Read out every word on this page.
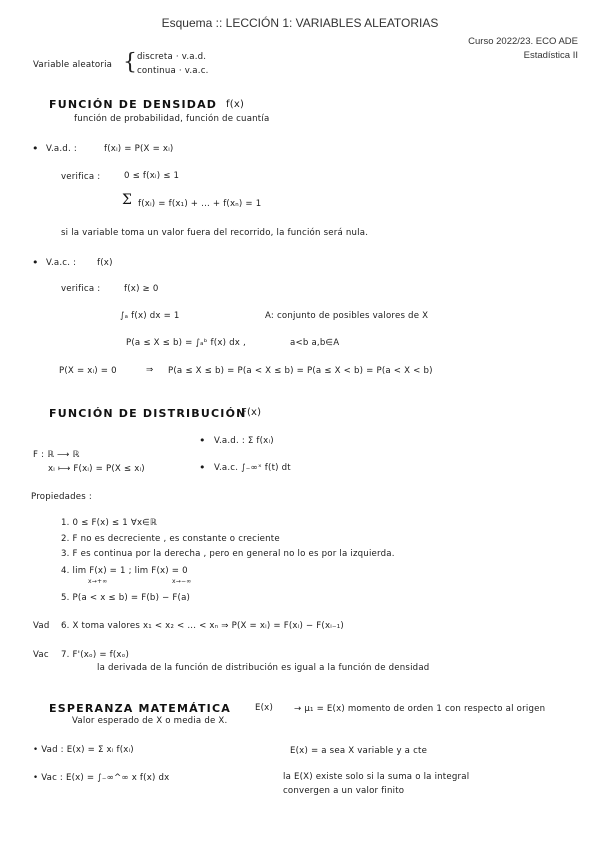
Esquema :: LECCIÓN 1: VARIABLES ALEATORIAS
Curso 2022/23. ECO ADE
Estadística II
Variable aleatoria { discreta · v.a.d.
continua · v.a.c.
FUNCIÓN DE DENSIDAD f(x)
función de probabilidad, función de cuantía
• V.a.d. :	f(xᵢ) = P(X = xᵢ)
verifica :	0 ≤ f(xᵢ) ≤ 1
Σ f(xᵢ) = f(x₁) + ... + f(xₙ) = 1
si la variable toma un valor fuera del recorrido, la función será nula.
• V.a.c. : f(x)
verifica :	f(x) ≥ 0
∫ₐ f(x) dx = 1	A: conjunto de posibles valores de X
P(a ≤ X ≤ b) = ∫ₐᵇ f(x) dx ,	a<b a,b∈A
P(X = xᵢ) = 0	⇒ P(a ≤ X ≤ b) = P(a < X ≤ b) = P(a ≤ X < b) = P(a < X < b)
FUNCIÓN DE DISTRIBUCIÓN
F(x)
• V.a.d. : Σ f(xᵢ)
F : ℝ ⟶ ℝ
xᵢ ⟼ F(xᵢ) = P(X ≤ xᵢ)	• V.a.c. ∫₋∞ˣ f(t) dt
Propiedades :
1. 0 ≤ F(x) ≤ 1 ∀x∈ℝ
2. F no es decreciente , es constante o creciente
3. F es continua por la derecha , pero en general no lo es por la izquierda.
4. lim F(x) = 1 ; lim F(x) = 0
x→+∞	x→−∞
5. P(a < x ≤ b) = F(b) − F(a)
Vad 6. X toma valores x₁ < x₂ < ... < xₙ ⇒ P(X = xᵢ) = F(xᵢ) − F(xᵢ₋₁)
Vac 7. F'(xₒ) = f(xₒ)
la derivada de la función de distribución es igual a la función de densidad
ESPERANZA MATEMÁTICA	E(x) → μ₁ = E(x) momento de orden 1 con respecto al origen
Valor esperado de X o media de X.
• Vad : E(x) = Σ xᵢ f(xᵢ)	E(x) = a sea X variable y a cte
• Vac : E(x) = ∫₋∞^∞ x f(x) dx	la E(X) existe solo si la suma o la integral
convergen a un valor finito
